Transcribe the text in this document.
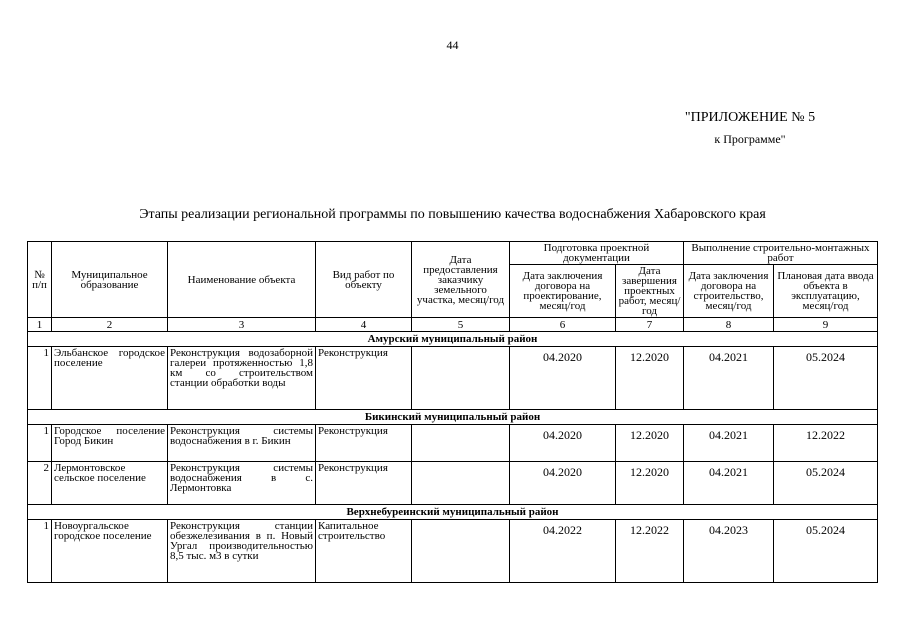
44
"ПРИЛОЖЕНИЕ № 5
к Программе"
Этапы реализации региональной программы по повышению качества водоснабжения Хабаровского края
№ п/п	Муниципальное образование	Наименование объекта	Вид работ по объекту	Дата предоставления заказчику земельного участка, месяц/год	Подготовка проектной документации		Выполнение строительно-монтажных работ	
					Дата заключения договора на проектирование, месяц/год	Дата завершения проектных работ, месяц/год	Дата заключения договора на строительство, месяц/год	Плановая дата ввода объекта в эксплуатацию, месяц/год
1	2	3	4	5	6	7	8	9
Амурский муниципальный район								
1	Эльбанское городское поселение	Реконструкция водозаборной галереи протяженностью 1,8 км со строительством станции обработки воды	Реконструкция		04.2020	12.2020	04.2021	05.2024
Бикинский муниципальный район								
1	Городское поселение Город Бикин	Реконструкция системы водоснабжения в г. Бикин	Реконструкция		04.2020	12.2020	04.2021	12.2022
2	Лермонтовское сельское поселение	Реконструкция системы водоснабжения в с. Лермонтовка	Реконструкция		04.2020	12.2020	04.2021	05.2024
Верхнебуреинский муниципальный район								
1	Новоургальское городское поселение	Реконструкция станции обезжелезивания в п. Новый Ургал производительностью 8,5 тыс. м3 в сутки	Капитальное строительство		04.2022	12.2022	04.2023	05.2024
